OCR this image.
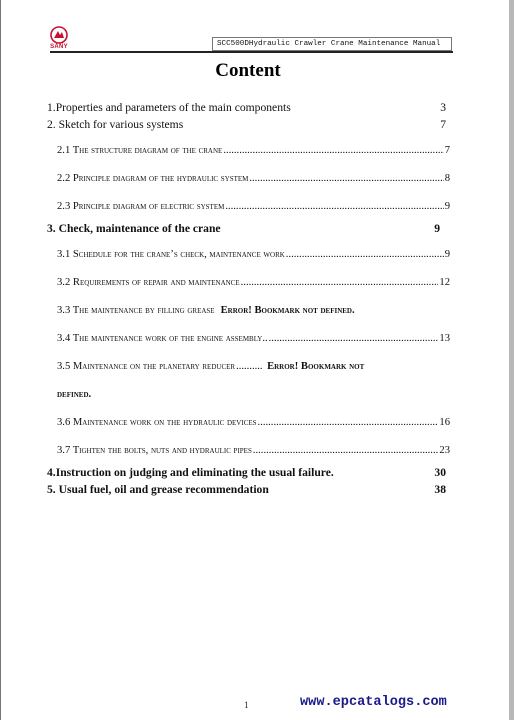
SANY	SCC500DHydraulic Crawler Crane Maintenance Manual
Content
1.Properties and parameters of the main components	3
2. Sketch for various systems	7
2.1 The structure diagram of the crane .....	7
2.2 Principle diagram of the hydraulic system .....	8
2.3 Principle diagram of electric system .....	9
3. Check, maintenance of the crane	9
3.1 Schedule for the crane’s check, maintenance work .....	9
3.2 Requirements of repair and maintenance .....	12
3.3 The maintenance by filling grease Error! Bookmark not defined.
3.4 The maintenance work of the engine assembly.. .....	13
3.5 Maintenance on the planetary reducer .....	Error! Bookmark not
defined.
3.6 Maintenance work on the hydraulic devices .....	16
3.7 Tighten the bolts, nuts and hydraulic pipes .....	23
4.Instruction on judging and eliminating the usual failure.	30
5. Usual fuel, oil and grease recommendation	38
1	www.epcatalogs.com
